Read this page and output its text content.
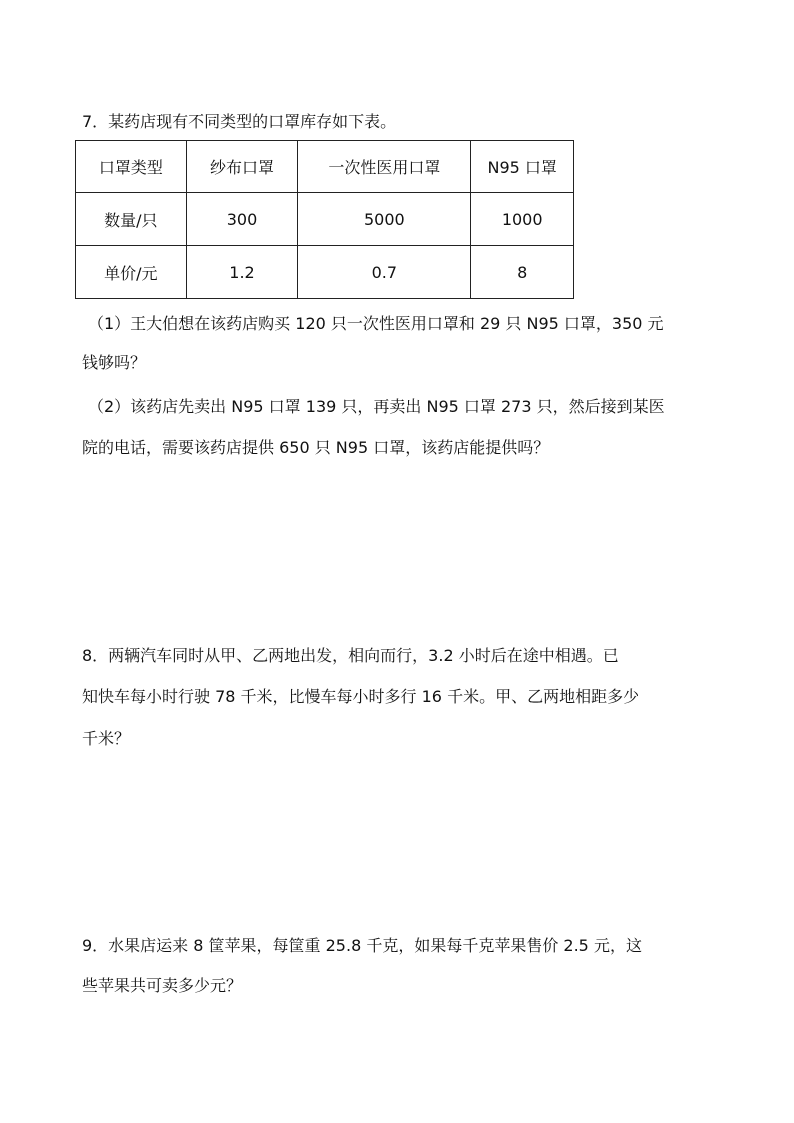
7．某药店现有不同类型的口罩库存如下表。
口罩类型	纱布口罩	一次性医用口罩	N95 口罩
数量/只	300	5000	1000
单价/元	1.2	0.7	8
（1）王大伯想在该药店购买 120 只一次性医用口罩和 29 只 N95 口罩，350 元
钱够吗？
（2）该药店先卖出 N95 口罩 139 只，再卖出 N95 口罩 273 只，然后接到某医
院的电话，需要该药店提供 650 只 N95 口罩，该药店能提供吗？
8．两辆汽车同时从甲、乙两地出发，相向而行，3.2 小时后在途中相遇。已
知快车每小时行驶 78 千米，比慢车每小时多行 16 千米。甲、乙两地相距多少
千米？
9．水果店运来 8 筐苹果，每筐重 25.8 千克，如果每千克苹果售价 2.5 元，这
些苹果共可卖多少元？
